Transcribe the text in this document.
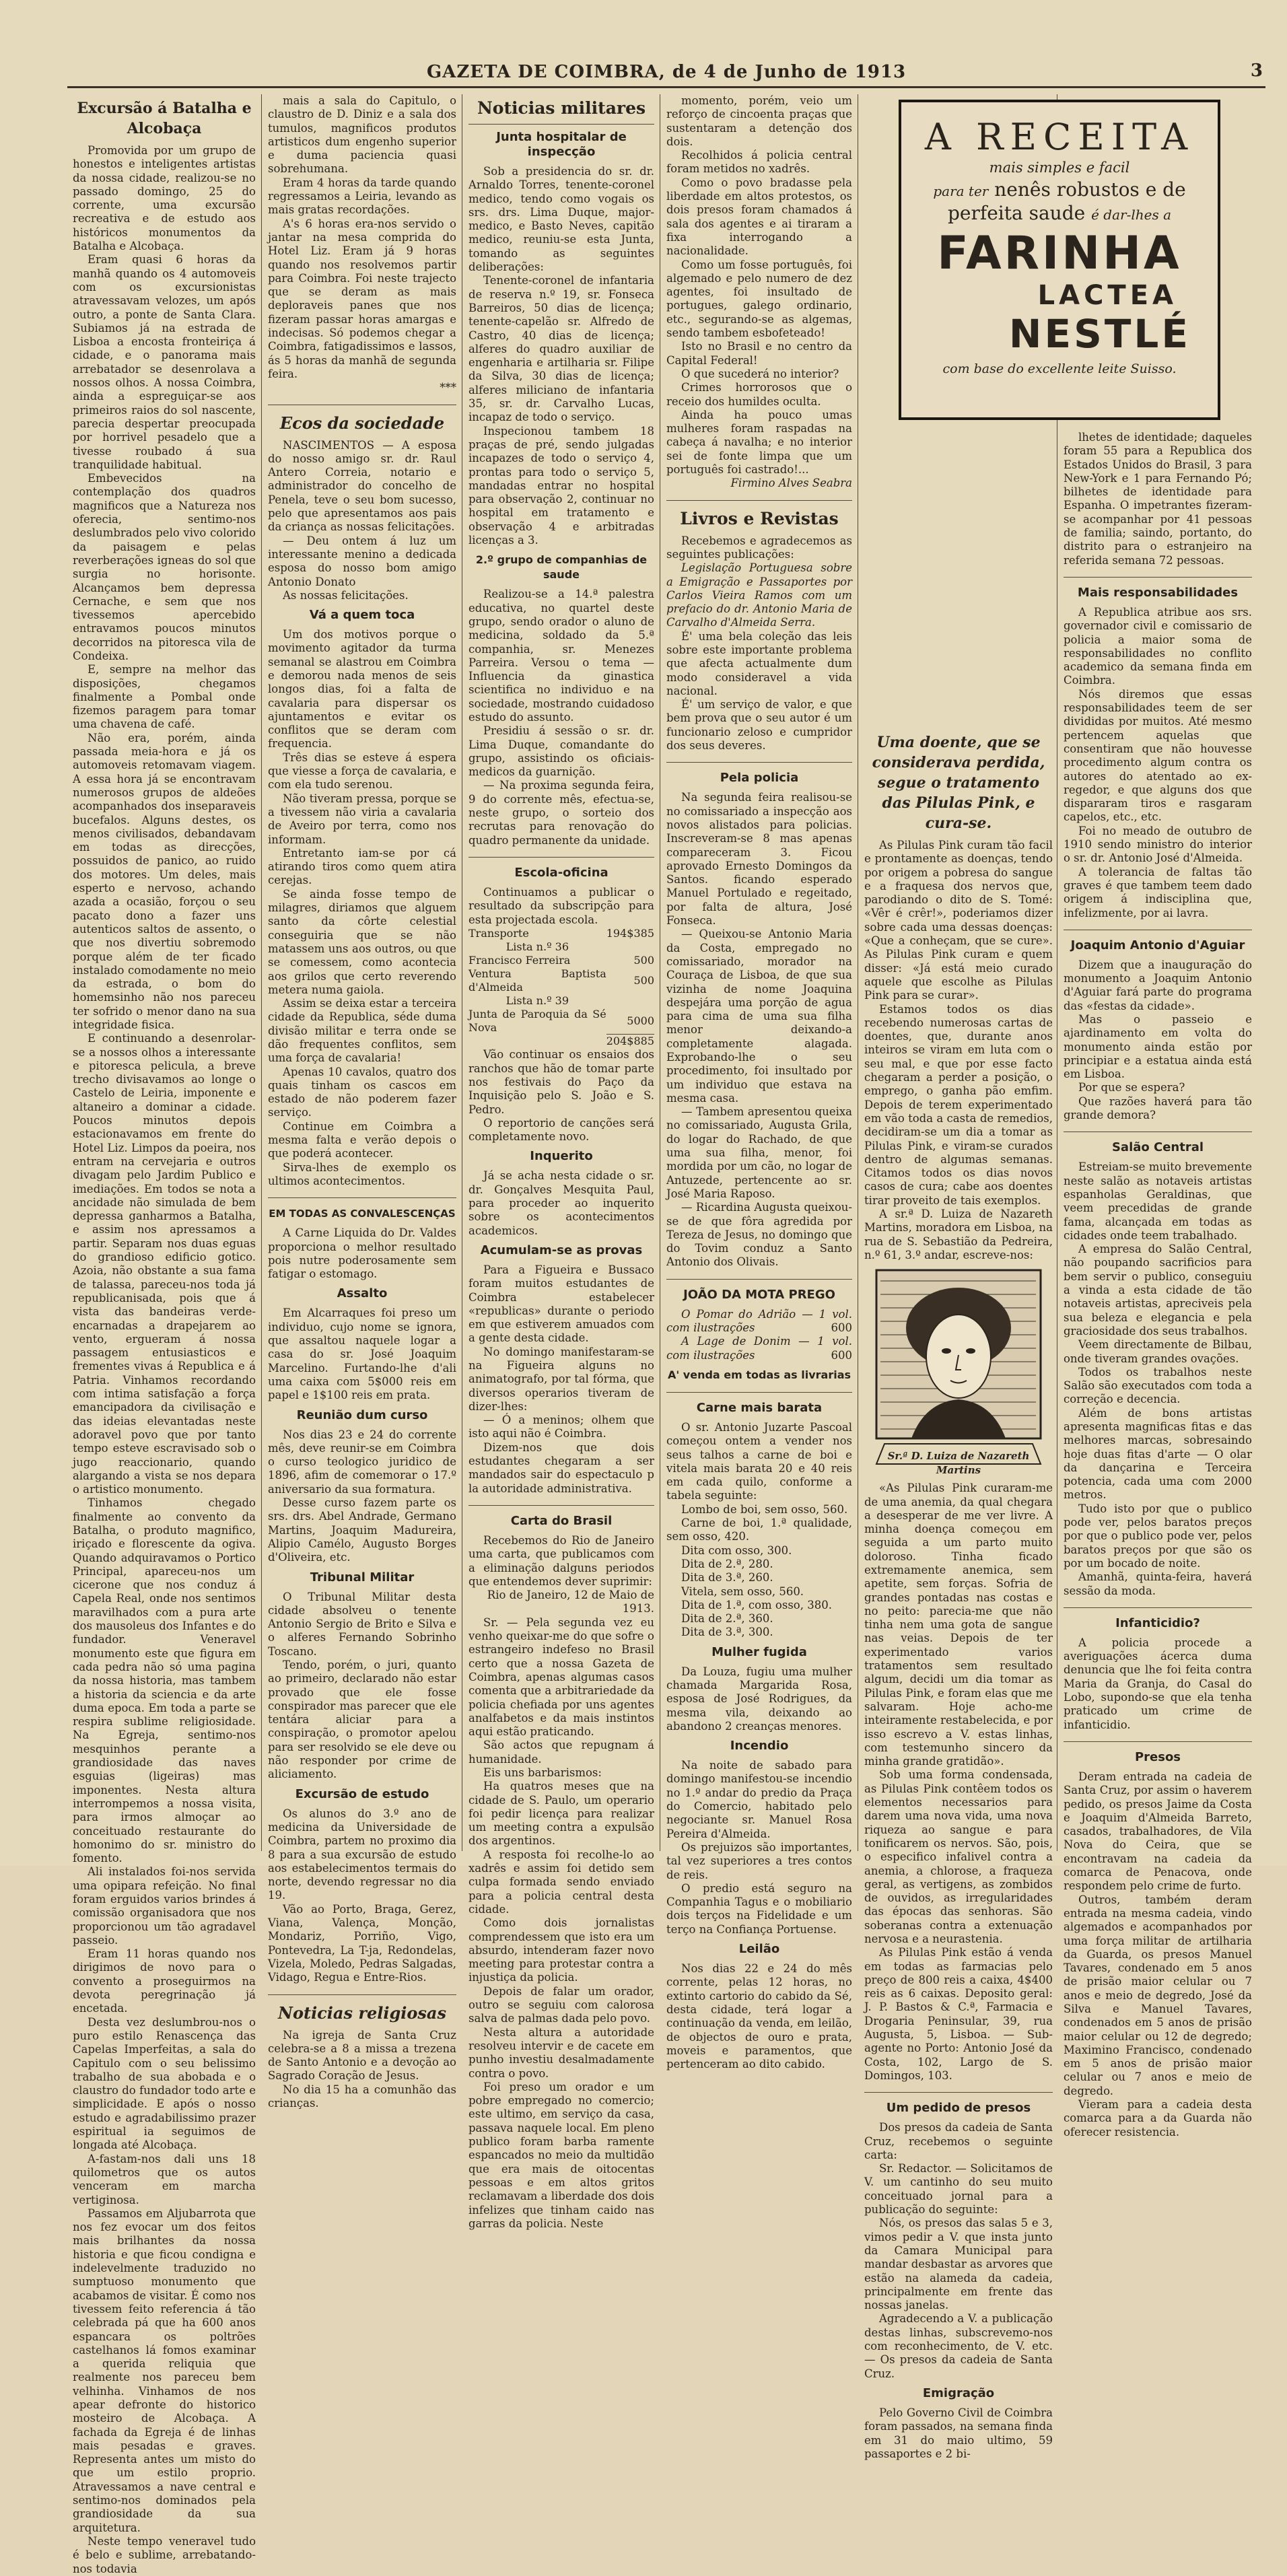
GAZETA DE COIMBRA, de 4 de Junho de 1913	3
Excursão á Batalha e Alcobaça

Promovida por um grupo de honestos e inteligentes artistas da nossa cidade, realizou-se no passado domingo, 25 do corrente, uma excursão recreativa e de estudo aos históricos monumentos da Batalha e Alcobaça.

Eram quasi 6 horas da manhã quando os 4 automoveis com os excursionistas atravessavam velozes, um após outro, a ponte de Santa Clara. Subiamos já na estrada de Lisboa a encosta fronteiriça á cidade, e o panorama mais arrebatador se desenrolava a nossos olhos. A nossa Coimbra, ainda a espreguiçar-se aos primeiros raios do sol nascente, parecia despertar preocupada por horrivel pesadelo que a tivesse roubado á sua tranquilidade habitual.

Embevecidos na contemplação dos quadros magnificos que a Natureza nos oferecia, sentimo-nos deslumbrados pelo vivo colorido da paisagem e pelas reverberações igneas do sol que surgia no horisonte. Alcançamos bem depressa Cernache, e sem que nos tivessemos apercebido entravamos poucos minutos decorridos na pitoresca vila de Condeixa.

E, sempre na melhor das disposições, chegamos finalmente a Pombal onde fizemos paragem para tomar uma chavena de café.

Não era, porém, ainda passada meia-hora e já os automoveis retomavam viagem. A essa hora já se encontravam numerosos grupos de aldeões acompanhados dos inseparaveis bucefalos. Alguns destes, os menos civilisados, debandavam em todas as direcções, possuidos de panico, ao ruido dos motores. Um deles, mais esperto e nervoso, achando azada a ocasião, forçou o seu pacato dono a fazer uns autenticos saltos de assento, o que nos divertiu sobremodo porque além de ter ficado instalado comodamente no meio da estrada, o bom do homemsinho não nos pareceu ter sofrido o menor dano na sua integridade fisica.

E continuando a desenrolar-se a nossos olhos a interessante e pitoresca pelicula, a breve trecho divisavamos ao longe o Castelo de Leiria, imponente e altaneiro a dominar a cidade. Poucos minutos depois estacionavamos em frente do Hotel Liz. Limpos da poeira, nos entram na cervejaria e outros divagam pelo Jardim Publico e imediações. Em todos se nota a ancidade não simulada de bem depressa ganharmos a Batalha, e assim nos apressamos a partir. Separam nos duas eguas do grandioso edificio gotico. Azoia, não obstante a sua fama de talassa, pareceu-nos toda já republicanisada, pois que á vista das bandeiras verde-encarnadas a drapejarem ao vento, ergueram á nossa passagem entusiasticos e frementes vivas á Republica e á Patria. Vinhamos recordando com intima satisfação a força emancipadora da civilisação e das ideias elevantadas neste adoravel povo que por tanto tempo esteve escravisado sob o jugo reaccionario, quando alargando a vista se nos depara o artistico monumento.

Tinhamos chegado finalmente ao convento da Batalha, o produto magnifico, iriçado e florescente da ogiva. Quando adquiravamos o Portico Principal, apareceu-nos um cicerone que nos conduz á Capela Real, onde nos sentimos maravilhados com a pura arte dos mausoleus dos Infantes e do fundador. Veneravel monumento este que figura em cada pedra não só uma pagina da nossa historia, mas tambem a historia da sciencia e da arte duma epoca. Em toda a parte se respira sublime religiosidade. Na Egreja, sentimo-nos mesquinhos perante a grandiosidade das naves esguias (ligeiras) mas imponentes. Nesta altura interrompemos a nossa visita, para irmos almoçar ao conceituado restaurante do homonimo do sr. ministro do fomento.

Ali instalados foi-nos servida uma opipara refeição. No final foram erguidos varios brindes á comissão organisadora que nos proporcionou um tão agradavel passeio.

Eram 11 horas quando nos dirigimos de novo para o convento a proseguirmos na devota peregrinação já encetada.

Desta vez deslumbrou-nos o puro estilo Renascença das Capelas Imperfeitas, a sala do Capitulo com o seu belissimo trabalho de sua abobada e o claustro do fundador todo arte e simplicidade. E após o nosso estudo e agradabilissimo prazer espiritual ia seguimos de longada até Alcobaça.

A-fastam-nos dali uns 18 quilometros que os autos venceram em marcha vertiginosa.

Passamos em Aljubarrota que nos fez evocar um dos feitos mais brilhantes da nossa historia e que ficou condigna e indelevelmente traduzido no sumptuoso monumento que acabamos de visitar. É como nos tivessem feito referencia á tão celebrada pá que ha 600 anos espancara os poltrões castelhanos lá fomos examinar a querida reliquia que realmente nos pareceu bem velhinha. Vinhamos de nos apear defronte do historico mosteiro de Alcobaça. A fachada da Egreja é de linhas mais pesadas e graves. Representa antes um misto do que um estilo proprio. Atravessamos a nave central e sentimo-nos dominados pela grandiosidade da sua arquitetura.

Neste tempo veneravel tudo é belo e sublime, arrebatando-nos todavia

mais a sala do Capitulo, o claustro de D. Diniz e a sala dos tumulos, magnificos produtos artisticos dum engenho superior e duma paciencia quasi sobrehumana.

Eram 4 horas da tarde quando regressamos a Leiria, levando as mais gratas recordações.

A's 6 horas era-nos servido o jantar na mesa comprida do Hotel Liz. Eram já 9 horas quando nos resolvemos partir para Coimbra. Foi neste trajecto que se deram as mais deploraveis panes que nos fizeram passar horas amargas e indecisas. Só podemos chegar a Coimbra, fatigadissimos e lassos, ás 5 horas da manhã de segunda feira.

***
Ecos da sociedade

NASCIMENTOS — A esposa do nosso amigo sr. dr. Raul Antero Correia, notario e administrador do concelho de Penela, teve o seu bom sucesso, pelo que apresentamos aos pais da criança as nossas felicitações.

— Deu ontem á luz um interessante menino a dedicada esposa do nosso bom amigo Antonio Donato

As nossas felicitações.

Vá a quem toca

Um dos motivos porque o movimento agitador da turma semanal se alastrou em Coimbra e demorou nada menos de seis longos dias, foi a falta de cavalaria para dispersar os ajuntamentos e evitar os conflitos que se deram com frequencia.

Três dias se esteve á espera que viesse a força de cavalaria, e com ela tudo serenou.

Não tiveram pressa, porque se a tivessem não viria a cavalaria de Aveiro por terra, como nos informam.

Entretanto iam-se por cá atirando tiros como quem atira cerejas.

Se ainda fosse tempo de milagres, diriamos que alguem santo da côrte celestial conseguiria que se não matassem uns aos outros, ou que se comessem, como acontecia aos grilos que certo reverendo metera numa gaiola.

Assim se deixa estar a terceira cidade da Republica, séde duma divisão militar e terra onde se dão frequentes conflitos, sem uma força de cavalaria!

Apenas 10 cavalos, quatro dos quais tinham os cascos em estado de não poderem fazer serviço.

Continue em Coimbra a mesma falta e verão depois o que poderá acontecer.

Sirva-lhes de exemplo os ultimos acontecimentos.

EM TODAS AS CONVALESCENÇAS

A Carne Liquida do Dr. Valdes proporciona o melhor resultado pois nutre poderosamente sem fatigar o estomago.

Assalto

Em Alcarraques foi preso um individuo, cujo nome se ignora, que assaltou naquele logar a casa do sr. José Joaquim Marcelino. Furtando-lhe d'ali uma caixa com 5$000 reis em papel e 1$100 reis em prata.

Reunião dum curso

Nos dias 23 e 24 do corrente mês, deve reunir-se em Coimbra o curso teologico juridico de 1896, afim de comemorar o 17.º aniversario da sua formatura.

Desse curso fazem parte os srs. drs. Abel Andrade, Germano Martins, Joaquim Madureira, Alipio Camélo, Augusto Borges d'Oliveira, etc.

Tribunal Militar

O Tribunal Militar desta cidade absolveu o tenente Antonio Sergio de Brito e Silva e o alferes Fernando Sobrinho Toscano.

Tendo, porém, o juri, quanto ao primeiro, declarado não estar provado que ele fosse conspirador mas parecer que ele tentára aliciar para a conspiração, o promotor apelou para ser resolvido se ele deve ou não responder por crime de aliciamento.

Excursão de estudo

Os alunos do 3.º ano de medicina da Universidade de Coimbra, partem no proximo dia 8 para a sua excursão de estudo aos estabelecimentos termais do norte, devendo regressar no dia 19.

Vão ao Porto, Braga, Gerez, Viana, Valença, Monção, Mondariz, Porriño, Vigo, Pontevedra, La T-ja, Redondelas, Vizela, Moledo, Pedras Salgadas, Vidago, Regua e Entre-Rios.

Noticias religiosas

Na igreja de Santa Cruz celebra-se a 8 a missa a trezena de Santo Antonio e a devoção ao Sagrado Coração de Jesus.

No dia 15 ha a comunhão das crianças.

Noticias militares
Junta hospitalar de inspecção

Sob a presidencia do sr. dr. Arnaldo Torres, tenente-coronel medico, tendo como vogais os srs. drs. Lima Duque, major-medico, e Basto Neves, capitão medico, reuniu-se esta Junta, tomando as seguintes deliberações:

Tenente-coronel de infantaria de reserva n.º 19, sr. Fonseca Barreiros, 50 dias de licença; tenente-capelão sr. Alfredo de Castro, 40 dias de licença; alferes do quadro auxiliar de engenharia e artilharia sr. Filipe da Silva, 30 dias de licença; alferes miliciano de infantaria 35, sr. dr. Carvalho Lucas, incapaz de todo o serviço.

Inspecionou tambem 18 praças de pré, sendo julgadas incapazes de todo o serviço 4, prontas para todo o serviço 5, mandadas entrar no hospital para observação 2, continuar no hospital em tratamento e observação 4 e arbitradas licenças a 3.

2.º grupo de companhias de saude

Realizou-se a 14.ª palestra educativa, no quartel deste grupo, sendo orador o aluno de medicina, soldado da 5.ª companhia, sr. Menezes Parreira. Versou o tema — Influencia da ginastica scientifica no individuo e na sociedade, mostrando cuidadoso estudo do assunto.

Presidiu á sessão o sr. dr. Lima Duque, comandante do grupo, assistindo os oficiais-medicos da guarnição.

— Na proxima segunda feira, 9 do corrente mês, efectua-se, neste grupo, o sorteio dos recrutas para renovação do quadro permanente da unidade.

Escola-oficina

Continuamos a publicar o resultado da subscripção para esta projectada escola.

Transporte	194$385
Lista n.º 36	
Francisco Ferreira	500
Ventura Baptista d'Almeida	500
Lista n.º 39	
Junta de Paroquia da Sé Nova	5000
	204$885

Vão continuar os ensaios dos ranchos que hão de tomar parte nos festivais do Paço da Inquisição pelo S. João e S. Pedro.

O reportorio de canções será completamente novo.

Inquerito

Já se acha nesta cidade o sr. dr. Gonçalves Mesquita Paul, para proceder ao inquerito sobre os acontecimentos academicos.

Acumulam-se as provas

Para a Figueira e Bussaco foram muitos estudantes de Coimbra estabelecer «republicas» durante o periodo em que estiverem amuados com a gente desta cidade.

No domingo manifestaram-se na Figueira alguns no animatografo, por tal fórma, que diversos operarios tiveram de dizer-lhes:

— Ó a meninos; olhem que isto aqui não é Coimbra.

Dizem-nos que dois estudantes chegaram a ser mandados sair do espectaculo p la autoridade administrativa.

Carta do Brasil

Recebemos do Rio de Janeiro uma carta, que publicamos com a eliminação dalguns periodos que entendemos dever suprimir:

Rio de Janeiro, 12 de Maio de 1913.

Sr. — Pela segunda vez eu venho queixar-me do que sofre o estrangeiro indefeso no Brasil certo que a nossa Gazeta de Coimbra, apenas algumas casos comenta que a arbitrariedade da policia chefiada por uns agentes analfabetos e da mais instintos aqui estão praticando.

São actos que repugnam á humanidade.

Eis uns barbarismos:

Ha quatros meses que na cidade de S. Paulo, um operario foi pedir licença para realizar um meeting contra a expulsão dos argentinos.

A resposta foi recolhe-lo ao xadrês e assim foi detido sem culpa formada sendo enviado para a policia central desta cidade.

Como dois jornalistas comprendessem que isto era um absurdo, intenderam fazer novo meeting para protestar contra a injustiça da policia.

Depois de falar um orador, outro se seguiu com calorosa salva de palmas dada pelo povo.

Nesta altura a autoridade resolveu intervir e de cacete em punho investiu desalmadamente contra o povo.

Foi preso um orador e um pobre empregado no comercio; este ultimo, em serviço da casa, passava naquele local. Em pleno publico foram barba ramente espancados no meio da multidão que era mais de oitocentas pessoas e em altos gritos reclamavam a liberdade dos dois infelizes que tinham caido nas garras da policia. Neste

momento, porém, veio um reforço de cincoenta praças que sustentaram a detenção dos dois.

Recolhidos á policia central foram metidos no xadrês.

Como o povo bradasse pela liberdade em altos protestos, os dois presos foram chamados á sala dos agentes e ai tiraram a fixa interrogando a nacionalidade.

Como um fosse português, foi algemado e pelo numero de dez agentes, foi insultado de portugues, galego ordinario, etc., segurando-se as algemas, sendo tambem esbofeteado!

Isto no Brasil e no centro da Capital Federal!

O que sucederá no interior?

Crimes horrorosos que o receio dos humildes oculta.

Ainda ha pouco umas mulheres foram raspadas na cabeça á navalha; e no interior sei de fonte limpa que um português foi castrado!...

Firmino Alves Seabra

Livros e Revistas

Recebemos e agradecemos as seguintes publicações:

Legislação Portuguesa sobre a Emigração e Passaportes por Carlos Vieira Ramos com um prefacio do dr. Antonio Maria de Carvalho d'Almeida Serra.

É' uma bela coleção das leis sobre este importante problema que afecta actualmente dum modo consideravel a vida nacional.

É' um serviço de valor, e que bem prova que o seu autor é um funcionario zeloso e cumpridor dos seus deveres.

Pela policia

Na segunda feira realisou-se no comissariado a inspecção aos novos alistados para policias. Inscreveram-se 8 mas apenas compareceram 3. Ficou aprovado Ernesto Domingos da Santos. ficando esperado Manuel Portulado e regeitado, por falta de altura, José Fonseca.

— Queixou-se Antonio Maria da Costa, empregado no comissariado, morador na Couraça de Lisboa, de que sua vizinha de nome Joaquina despejára uma porção de agua para cima de uma sua filha menor deixando-a completamente alagada. Exprobando-lhe o seu procedimento, foi insultado por um individuo que estava na mesma casa.

— Tambem apresentou queixa no comissariado, Augusta Grila, do logar do Rachado, de que uma sua filha, menor, foi mordida por um cão, no logar de Antuzede, pertencente ao sr. José Maria Raposo.

— Ricardina Augusta queixou-se de que fôra agredida por Tereza de Jesus, no domingo que do Tovim conduz a Santo Antonio dos Olivais.

JOÃO DA MOTA PREGO

O Pomar do Adrião — 1 vol. com ilustrações	600

A Lage de Donim — 1 vol. com ilustrações	600

A' venda em todas as livrarias
Carne mais barata

O sr. Antonio Juzarte Pascoal começou ontem a vender nos seus talhos a carne de boi e vitela mais barata 20 e 40 reis em cada quilo, conforme a tabela seguinte:

Lombo de boi, sem osso, 560.

Carne de boi, 1.ª qualidade, sem osso, 420.

Dita com osso, 300.

Dita de 2.ª, 280.

Dita de 3.ª, 260.

Vitela, sem osso, 560.

Dita de 1.ª, com osso, 380.

Dita de 2.ª, 360.

Dita de 3.ª, 300.

Mulher fugida

Da Louza, fugiu uma mulher chamada Margarida Rosa, esposa de José Rodrigues, da mesma vila, deixando ao abandono 2 creanças menores.

Incendio

Na noite de sabado para domingo manifestou-se incendio no 1.º andar do predio da Praça do Comercio, habitado pelo negociante sr. Manuel Rosa Pereira d'Almeida.

Os prejuizos são importantes, tal vez superiores a tres contos de reis.

O predio está seguro na Companhia Tagus e o mobiliario dois terços na Fidelidade e um terço na Confiança Portuense.

Leilão

Nos dias 22 e 24 do mês corrente, pelas 12 horas, no extinto cartorio do cabido da Sé, desta cidade, terá logar a continuação da venda, em leilão, de objectos de ouro e prata, moveis e paramentos, que pertenceram ao dito cabido.

A RECEITA
mais simples e facil
para ter nenês robustos e de
perfeita saude é dar-lhes a
FARINHA
LACTEA
NESTLÉ
com base do excellente leite Suisso.
Uma doente, que se considerava perdida, segue o tratamento das Pilulas Pink, e cura-se.

As Pilulas Pink curam tão facil e prontamente as doenças, tendo por origem a pobresa do sangue e a fraquesa dos nervos que, parodiando o dito de S. Tomé: «Vêr é crêr!», poderiamos dizer sobre cada uma dessas doenças: «Que a conheçam, que se cure». As Pilulas Pink curam e quem disser: «Já está meio curado aquele que escolhe as Pilulas Pink para se curar».

Estamos todos os dias recebendo numerosas cartas de doentes, que, durante anos inteiros se viram em luta com o seu mal, e que por esse facto chegaram a perder a posição, o emprego, o ganha pão emfim. Depois de terem experimentado em vão toda a casta de remedios, decidiram-se um dia a tomar as Pilulas Pink, e viram-se curados dentro de algumas semanas. Citamos todos os dias novos casos de cura; cabe aos doentes tirar proveito de tais exemplos.

A sr.ª D. Luiza de Nazareth Martins, moradora em Lisboa, na rua de S. Sebastião da Pedreira, n.º 61, 3.º andar, escreve-nos:

Sr.ª D. Luiza de Nazareth Martins

«As Pilulas Pink curaram-me de uma anemia, da qual chegara a desesperar de me ver livre. A minha doença começou em seguida a um parto muito doloroso. Tinha ficado extremamente anemica, sem apetite, sem forças. Sofria de grandes pontadas nas costas e no peito: parecia-me que não tinha nem uma gota de sangue nas veias. Depois de ter experimentado varios tratamentos sem resultado algum, decidi um dia tomar as Pilulas Pink, e foram elas que me salvaram. Hoje acho-me inteiramente restabelecida, e por isso escrevo a V. estas linhas, com testemunho sincero da minha grande gratidão».

Sob uma forma condensada, as Pilulas Pink contêem todos os elementos necessarios para darem uma nova vida, uma nova riqueza ao sangue e para tonificarem os nervos. São, pois, o especifico infalivel contra a anemia, a chlorose, a fraqueza geral, as vertigens, as zombidos de ouvidos, as irregularidades das épocas das senhoras. São soberanas contra a extenuação nervosa e a neurastenia.

As Pilulas Pink estão á venda em todas as farmacias pelo preço de 800 reis a caixa, 4$400 reis as 6 caixas. Deposito geral: J. P. Bastos & C.ª, Farmacia e Drogaria Peninsular, 39, rua Augusta, 5, Lisboa. — Sub-agente no Porto: Antonio José da Costa, 102, Largo de S. Domingos, 103.

Um pedido de presos

Dos presos da cadeia de Santa Cruz, recebemos o seguinte carta:

Sr. Redactor. — Solicitamos de V. um cantinho do seu muito conceituado jornal para a publicação do seguinte:

Nós, os presos das salas 5 e 3, vimos pedir a V. que insta junto da Camara Municipal para mandar desbastar as arvores que estão na alameda da cadeia, principalmente em frente das nossas janelas.

Agradecendo a V. a publicação destas linhas, subscrevemo-nos com reconhecimento, de V. etc. — Os presos da cadeia de Santa Cruz.

Emigração

Pelo Governo Civil de Coimbra foram passados, na semana finda em 31 do maio ultimo, 59 passaportes e 2 bi-

lhetes de identidade; daqueles foram 55 para a Republica dos Estados Unidos do Brasil, 3 para New-York e 1 para Fernando Pó; bilhetes de identidade para Espanha. O impetrantes fizeram-se acompanhar por 41 pessoas de familia; saindo, portanto, do distrito para o estranjeiro na referida semana 72 pessoas.

Mais responsabilidades

A Republica atribue aos srs. governador civil e comissario de policia a maior soma de responsabilidades no conflito academico da semana finda em Coimbra.

Nós diremos que essas responsabilidades teem de ser divididas por muitos. Até mesmo pertencem aquelas que consentiram que não houvesse procedimento algum contra os autores do atentado ao ex-regedor, e que alguns dos que dispararam tiros e rasgaram capelos, etc., etc.

Foi no meado de outubro de 1910 sendo ministro do interior o sr. dr. Antonio José d'Almeida.

A tolerancia de faltas tão graves é que tambem teem dado origem á indisciplina que, infelizmente, por ai lavra.

Joaquim Antonio d'Aguiar

Dizem que a inauguração do monumento a Joaquim Antonio d'Aguiar fará parte do programa das «festas da cidade».

Mas o passeio e ajardinamento em volta do monumento ainda estão por principiar e a estatua ainda está em Lisboa.

Por que se espera?

Que razões haverá para tão grande demora?

Salão Central

Estreiam-se muito brevemente neste salão as notaveis artistas espanholas Geraldinas, que veem precedidas de grande fama, alcançada em todas as cidades onde teem trabalhado.

A empresa do Salão Central, não poupando sacrificios para bem servir o publico, conseguiu a vinda a esta cidade de tão notaveis artistas, apreciveis pela sua beleza e elegancia e pela graciosidade dos seus trabalhos.

Veem directamente de Bilbau, onde tiveram grandes ovações.

Todos os trabalhos neste Salão são executados com toda a correção e decencia.

Além de bons artistas apresenta magnificas fitas e das melhores marcas, sobresaindo hoje duas fitas d'arte — O olar da dançarina e Terceira potencia, cada uma com 2000 metros.

Tudo isto por que o publico pode ver, pelos baratos preços por que o publico pode ver, pelos baratos preços por que são os por um bocado de noite.

Amanhã, quinta-feira, haverá sessão da moda.

Infanticidio?

A policia procede a averiguações ácerca duma denuncia que lhe foi feita contra Maria da Granja, do Casal do Lobo, supondo-se que ela tenha praticado um crime de infanticidio.

Presos

Deram entrada na cadeia de Santa Cruz, por assim o haverem pedido, os presos Jaime da Costa e Joaquim d'Almeida Barreto, casados, trabalhadores, de Vila Nova do Ceira, que se encontravam na cadeia da comarca de Penacova, onde respondem pelo crime de furto.

Outros, também deram entrada na mesma cadeia, vindo algemados e acompanhados por uma força militar de artilharia da Guarda, os presos Manuel Tavares, condenado em 5 anos de prisão maior celular ou 7 anos e meio de degredo, José da Silva e Manuel Tavares, condenados em 5 anos de prisão maior celular ou 12 de degredo; Maximino Francisco, condenado em 5 anos de prisão maior celular ou 7 anos e meio de degredo.

Vieram para a cadeia desta comarca para a da Guarda não oferecer resistencia.
